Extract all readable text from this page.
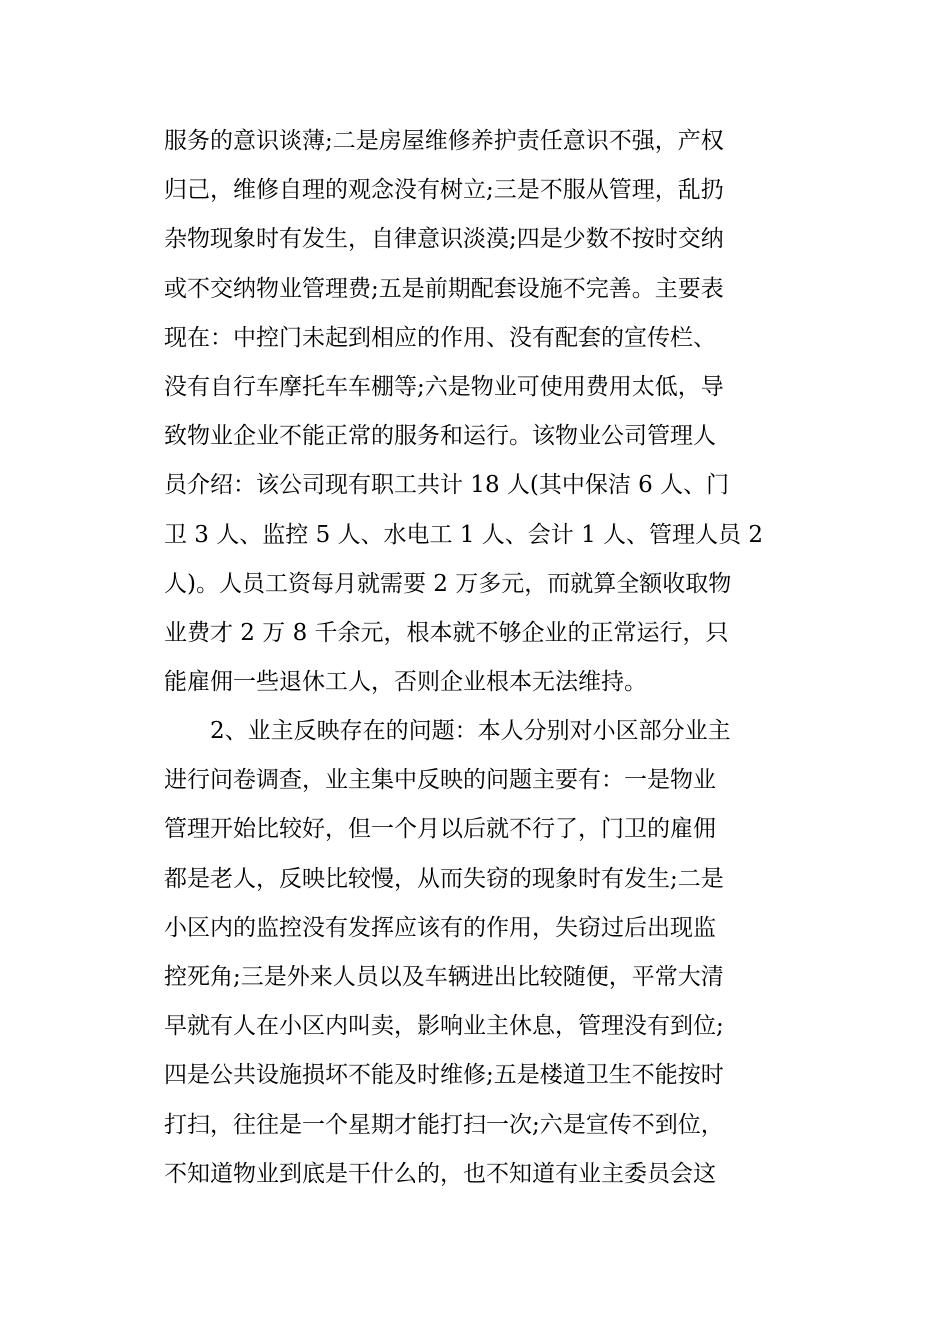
服务的意识谈薄;二是房屋维修养护责任意识不强，产权
归己，维修自理的观念没有树立;三是不服从管理，乱扔
杂物现象时有发生，自律意识淡漠;四是少数不按时交纳
或不交纳物业管理费;五是前期配套设施不完善。主要表
现在：中控门未起到相应的作用、没有配套的宣传栏、
没有自行车摩托车车棚等;六是物业可使用费用太低，导
致物业企业不能正常的服务和运行。该物业公司管理人
员介绍：该公司现有职工共计 18 人(其中保洁 6 人、门
卫 3 人、监控 5 人、水电工 1 人、会计 1 人、管理人员 2
人)。人员工资每月就需要 2 万多元，而就算全额收取物
业费才 2 万 8 千余元，根本就不够企业的正常运行，只
能雇佣一些退休工人，否则企业根本无法维持。
2、业主反映存在的问题：本人分别对小区部分业主
进行问卷调查，业主集中反映的问题主要有：一是物业
管理开始比较好，但一个月以后就不行了，门卫的雇佣
都是老人，反映比较慢，从而失窃的现象时有发生;二是
小区内的监控没有发挥应该有的作用，失窃过后出现监
控死角;三是外来人员以及车辆进出比较随便，平常大清
早就有人在小区内叫卖，影响业主休息，管理没有到位;
四是公共设施损坏不能及时维修;五是楼道卫生不能按时
打扫，往往是一个星期才能打扫一次;六是宣传不到位，
不知道物业到底是干什么的，也不知道有业主委员会这
